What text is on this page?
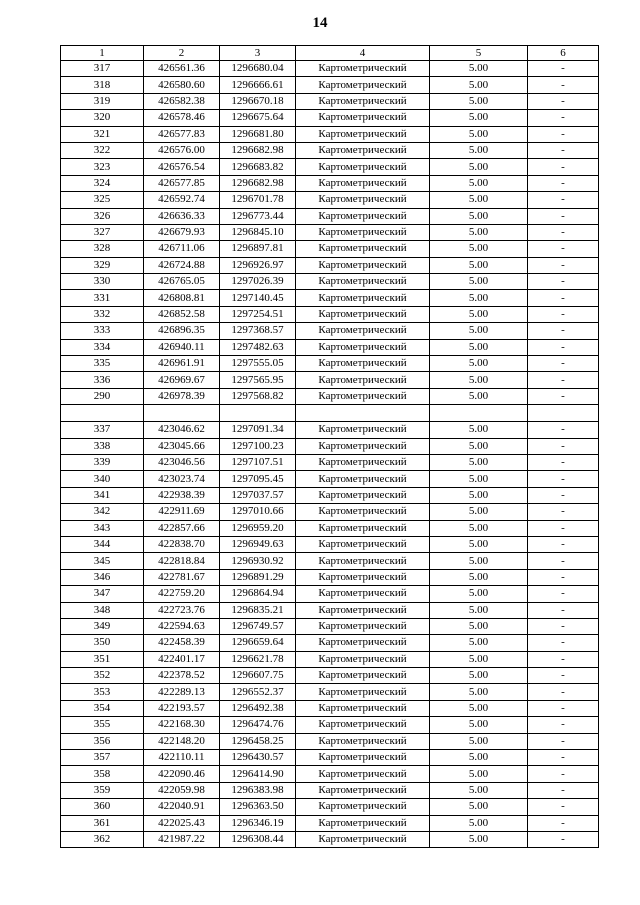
14
1	2	3	4	5	6
317	426561.36	1296680.04	Картометрический	5.00	-
318	426580.60	1296666.61	Картометрический	5.00	-
319	426582.38	1296670.18	Картометрический	5.00	-
320	426578.46	1296675.64	Картометрический	5.00	-
321	426577.83	1296681.80	Картометрический	5.00	-
322	426576.00	1296682.98	Картометрический	5.00	-
323	426576.54	1296683.82	Картометрический	5.00	-
324	426577.85	1296682.98	Картометрический	5.00	-
325	426592.74	1296701.78	Картометрический	5.00	-
326	426636.33	1296773.44	Картометрический	5.00	-
327	426679.93	1296845.10	Картометрический	5.00	-
328	426711.06	1296897.81	Картометрический	5.00	-
329	426724.88	1296926.97	Картометрический	5.00	-
330	426765.05	1297026.39	Картометрический	5.00	-
331	426808.81	1297140.45	Картометрический	5.00	-
332	426852.58	1297254.51	Картометрический	5.00	-
333	426896.35	1297368.57	Картометрический	5.00	-
334	426940.11	1297482.63	Картометрический	5.00	-
335	426961.91	1297555.05	Картометрический	5.00	-
336	426969.67	1297565.95	Картометрический	5.00	-
290	426978.39	1297568.82	Картометрический	5.00	-

337	423046.62	1297091.34	Картометрический	5.00	-
338	423045.66	1297100.23	Картометрический	5.00	-
339	423046.56	1297107.51	Картометрический	5.00	-
340	423023.74	1297095.45	Картометрический	5.00	-
341	422938.39	1297037.57	Картометрический	5.00	-
342	422911.69	1297010.66	Картометрический	5.00	-
343	422857.66	1296959.20	Картометрический	5.00	-
344	422838.70	1296949.63	Картометрический	5.00	-
345	422818.84	1296930.92	Картометрический	5.00	-
346	422781.67	1296891.29	Картометрический	5.00	-
347	422759.20	1296864.94	Картометрический	5.00	-
348	422723.76	1296835.21	Картометрический	5.00	-
349	422594.63	1296749.57	Картометрический	5.00	-
350	422458.39	1296659.64	Картометрический	5.00	-
351	422401.17	1296621.78	Картометрический	5.00	-
352	422378.52	1296607.75	Картометрический	5.00	-
353	422289.13	1296552.37	Картометрический	5.00	-
354	422193.57	1296492.38	Картометрический	5.00	-
355	422168.30	1296474.76	Картометрический	5.00	-
356	422148.20	1296458.25	Картометрический	5.00	-
357	422110.11	1296430.57	Картометрический	5.00	-
358	422090.46	1296414.90	Картометрический	5.00	-
359	422059.98	1296383.98	Картометрический	5.00	-
360	422040.91	1296363.50	Картометрический	5.00	-
361	422025.43	1296346.19	Картометрический	5.00	-
362	421987.22	1296308.44	Картометрический	5.00	-
